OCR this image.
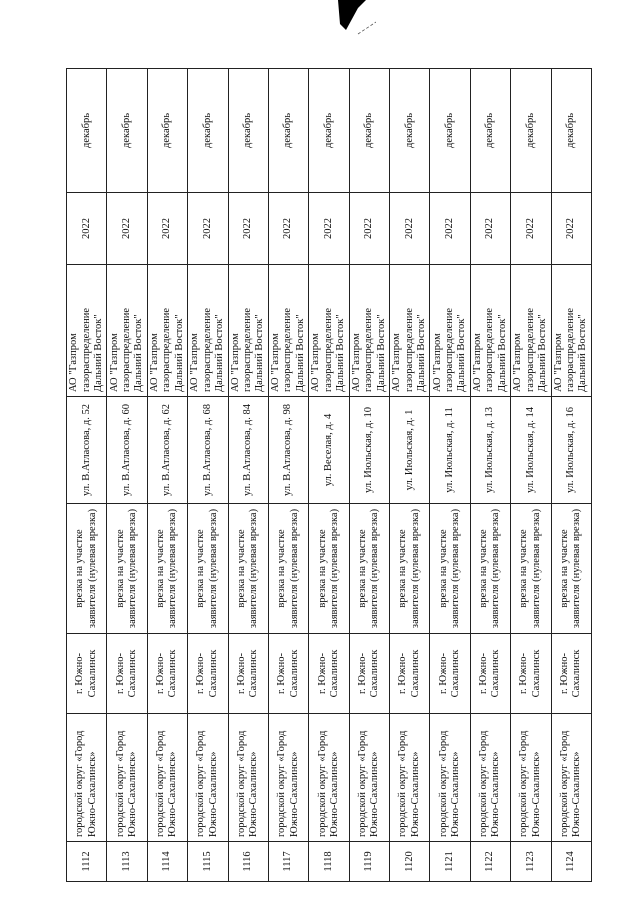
1112	городской округ «Город Южно-Сахалинск»	г. Южно-Сахалинск	врезка на участке заявителя (нулевая врезка)	ул. В.Атласова, д. 52	АО "Газпром газораспределение Дальний Восток"	2022	декабрь
1113	городской округ «Город Южно-Сахалинск»	г. Южно-Сахалинск	врезка на участке заявителя (нулевая врезка)	ул. В.Атласова, д. 60	АО "Газпром газораспределение Дальний Восток"	2022	декабрь
1114	городской округ «Город Южно-Сахалинск»	г. Южно-Сахалинск	врезка на участке заявителя (нулевая врезка)	ул. В.Атласова, д. 62	АО "Газпром газораспределение Дальний Восток"	2022	декабрь
1115	городской округ «Город Южно-Сахалинск»	г. Южно-Сахалинск	врезка на участке заявителя (нулевая врезка)	ул. В.Атласова, д. 68	АО "Газпром газораспределение Дальний Восток"	2022	декабрь
1116	городской округ «Город Южно-Сахалинск»	г. Южно-Сахалинск	врезка на участке заявителя (нулевая врезка)	ул. В.Атласова, д. 84	АО "Газпром газораспределение Дальний Восток"	2022	декабрь
1117	городской округ «Город Южно-Сахалинск»	г. Южно-Сахалинск	врезка на участке заявителя (нулевая врезка)	ул. В.Атласова, д. 98	АО "Газпром газораспределение Дальний Восток"	2022	декабрь
1118	городской округ «Город Южно-Сахалинск»	г. Южно-Сахалинск	врезка на участке заявителя (нулевая врезка)	ул. Веселая, д. 4	АО "Газпром газораспределение Дальний Восток"	2022	декабрь
1119	городской округ «Город Южно-Сахалинск»	г. Южно-Сахалинск	врезка на участке заявителя (нулевая врезка)	ул. Июльская, д. 10	АО "Газпром газораспределение Дальний Восток"	2022	декабрь
1120	городской округ «Город Южно-Сахалинск»	г. Южно-Сахалинск	врезка на участке заявителя (нулевая врезка)	ул. Июльская, д. 1	АО "Газпром газораспределение Дальний Восток"	2022	декабрь
1121	городской округ «Город Южно-Сахалинск»	г. Южно-Сахалинск	врезка на участке заявителя (нулевая врезка)	ул. Июльская, д. 11	АО "Газпром газораспределение Дальний Восток"	2022	декабрь
1122	городской округ «Город Южно-Сахалинск»	г. Южно-Сахалинск	врезка на участке заявителя (нулевая врезка)	ул. Июльская, д. 13	АО "Газпром газораспределение Дальний Восток"	2022	декабрь
1123	городской округ «Город Южно-Сахалинск»	г. Южно-Сахалинск	врезка на участке заявителя (нулевая врезка)	ул. Июльская, д. 14	АО "Газпром газораспределение Дальний Восток"	2022	декабрь
1124	городской округ «Город Южно-Сахалинск»	г. Южно-Сахалинск	врезка на участке заявителя (нулевая врезка)	ул. Июльская, д. 16	АО "Газпром газораспределение Дальний Восток"	2022	декабрь
